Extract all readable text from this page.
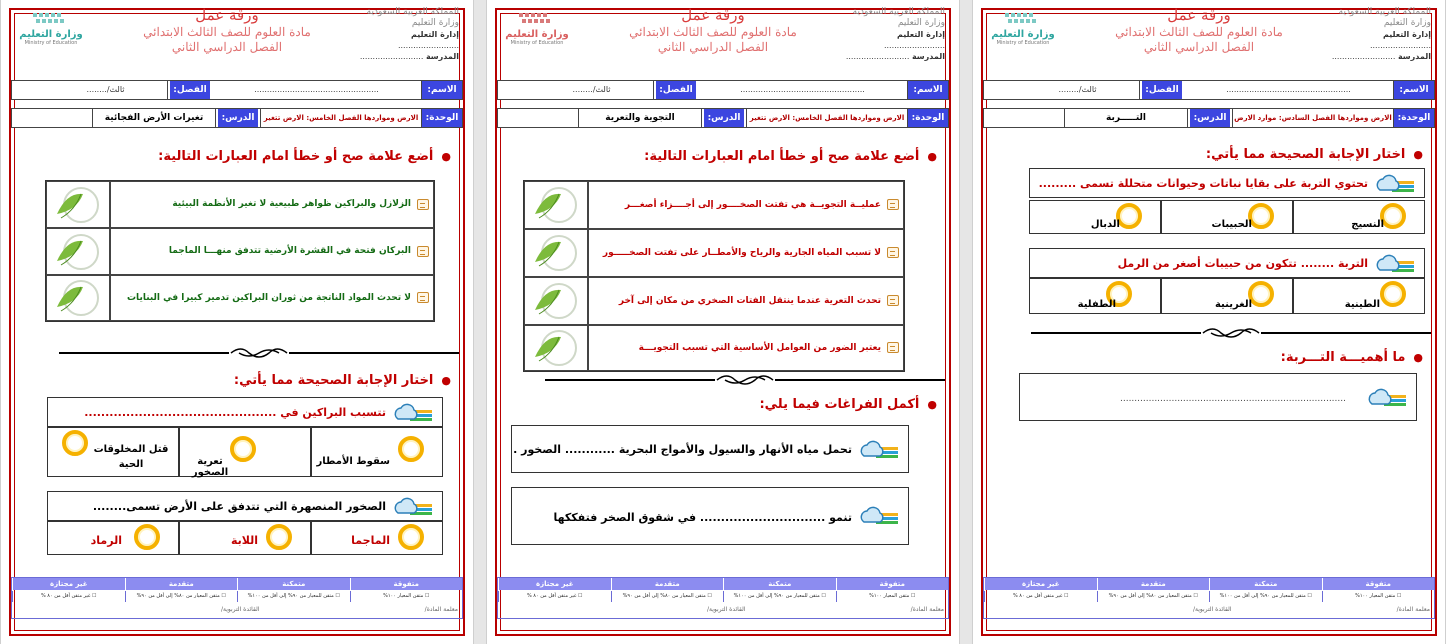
المملكة العربية السعودية
وزارة التعليم
إدارة التعليم ........................
المدرسة .........................
ورقة عمل
مادة العلوم للصف الثالث الابتدائي
الفصل الدراسي الثاني
وزارة التعليم
Ministry of Education
الاسم:
.................................................
الفصل:
ثالث/........
الوحدة:
الارض ومواردها الفصل السادس: موارد الارض
الدرس:
التـــــربة
●اختار الإجابة الصحيحة مما يأتي:
تحتوي التربة على بقايا نباتات وحيوانات متحللة تسمى .........
النسيج
الحبيبات
الدبال
التربة ........ تتكون من حبيبات أصغر من الرمل
الطينية
الغرينية
الطفلية
●ما أهميـــة التـــربة:
...............................................................................
متفوقة
متمكنة
متقدمة
غير مجتازة
☐ متقن المعيار ١٠٠%
☐ متقن للمعيار من ٩٠% إلى أقل من ١٠٠%
☐ متقن المعيار من ٨٠% إلى أقل من ٩٠%
☐ غير متقن أقل من ٨٠ %
معلمة المادة/
القائدة التربوية/
المملكة العربية السعودية
وزارة التعليم
إدارة التعليم ........................
المدرسة .........................
ورقة عمل
مادة العلوم للصف الثالث الابتدائي
الفصل الدراسي الثاني
وزارة التعليم
Ministry of Education
الاسم:
.................................................
الفصل:
ثالث/........
الوحدة:
الارض ومواردها الفصل الخامس: الارض تتغير
الدرس:
التجوية والتعرية
●أضع علامة صح أو خطأ امام العبارات التالية:
عمليــة التجويــة هي تفتت الصخــــور إلى أجــــزاء أصغـــر
لا تسبب المياه الجارية والرياح والأمطــار على تفتت الصخـــــور
تحدث التعرية عندما ينتقل الفتات الصخري من مكان إلى آخر
يعتبر الضور من العوامل الأساسية التي تسبب التجويـــة
●أكمل الفراغات فيما يلي:
تحمل مياه الأنهار والسيول والأمواج البحرية ............ الصخور .
تنمو .............................. في شقوق الصخر فتفككها
متفوقة
متمكنة
متقدمة
غير مجتازة
☐ متقن المعيار ١٠٠%
☐ متقن للمعيار من ٩٠% إلى أقل من ١٠٠%
☐ متقن المعيار من ٨٠% إلى أقل من ٩٠%
☐ غير متقن أقل من ٨٠ %
معلمة المادة/
القائدة التربوية/
المملكة العربية السعودية
وزارة التعليم
إدارة التعليم ........................
المدرسة .........................
ورقة عمل
مادة العلوم للصف الثالث الابتدائي
الفصل الدراسي الثاني
وزارة التعليم
Ministry of Education
الاسم:
.................................................
الفصل:
ثالث/........
الوحدة:
الارض ومواردها الفصل الخامس: الارض تتغير
الدرس:
تغيرات الأرض الفجائية
●أضع علامة صح أو خطأ امام العبارات التالية:
الزلازل والبراكين ظواهر طبيعية لا تغير الأنظمة البيئية
البركان فتحة في القشرة الأرضية تتدفق منهـــا الماجما
لا تحدث المواد الناتجة من ثوران البراكين تدمير كبيرا في البنايات
●اختار الإجابة الصحيحة مما يأتي:
تتسبب البراكين في ..............................................
سقوط الأمطار
تعرية الصخور
قتل المخلوقات الحية
الصخور المنصهرة التي تتدفق على الأرض تسمى........
الماجما
اللابة
الرماد
متفوقة
متمكنة
متقدمة
غير مجتازة
☐ متقن المعيار ١٠٠%
☐ متقن للمعيار من ٩٠% إلى أقل من ١٠٠%
☐ متقن المعيار من ٨٠% إلى أقل من ٩٠%
☐ غير متقن أقل من ٨٠ %
معلمة المادة/
القائدة التربوية/
